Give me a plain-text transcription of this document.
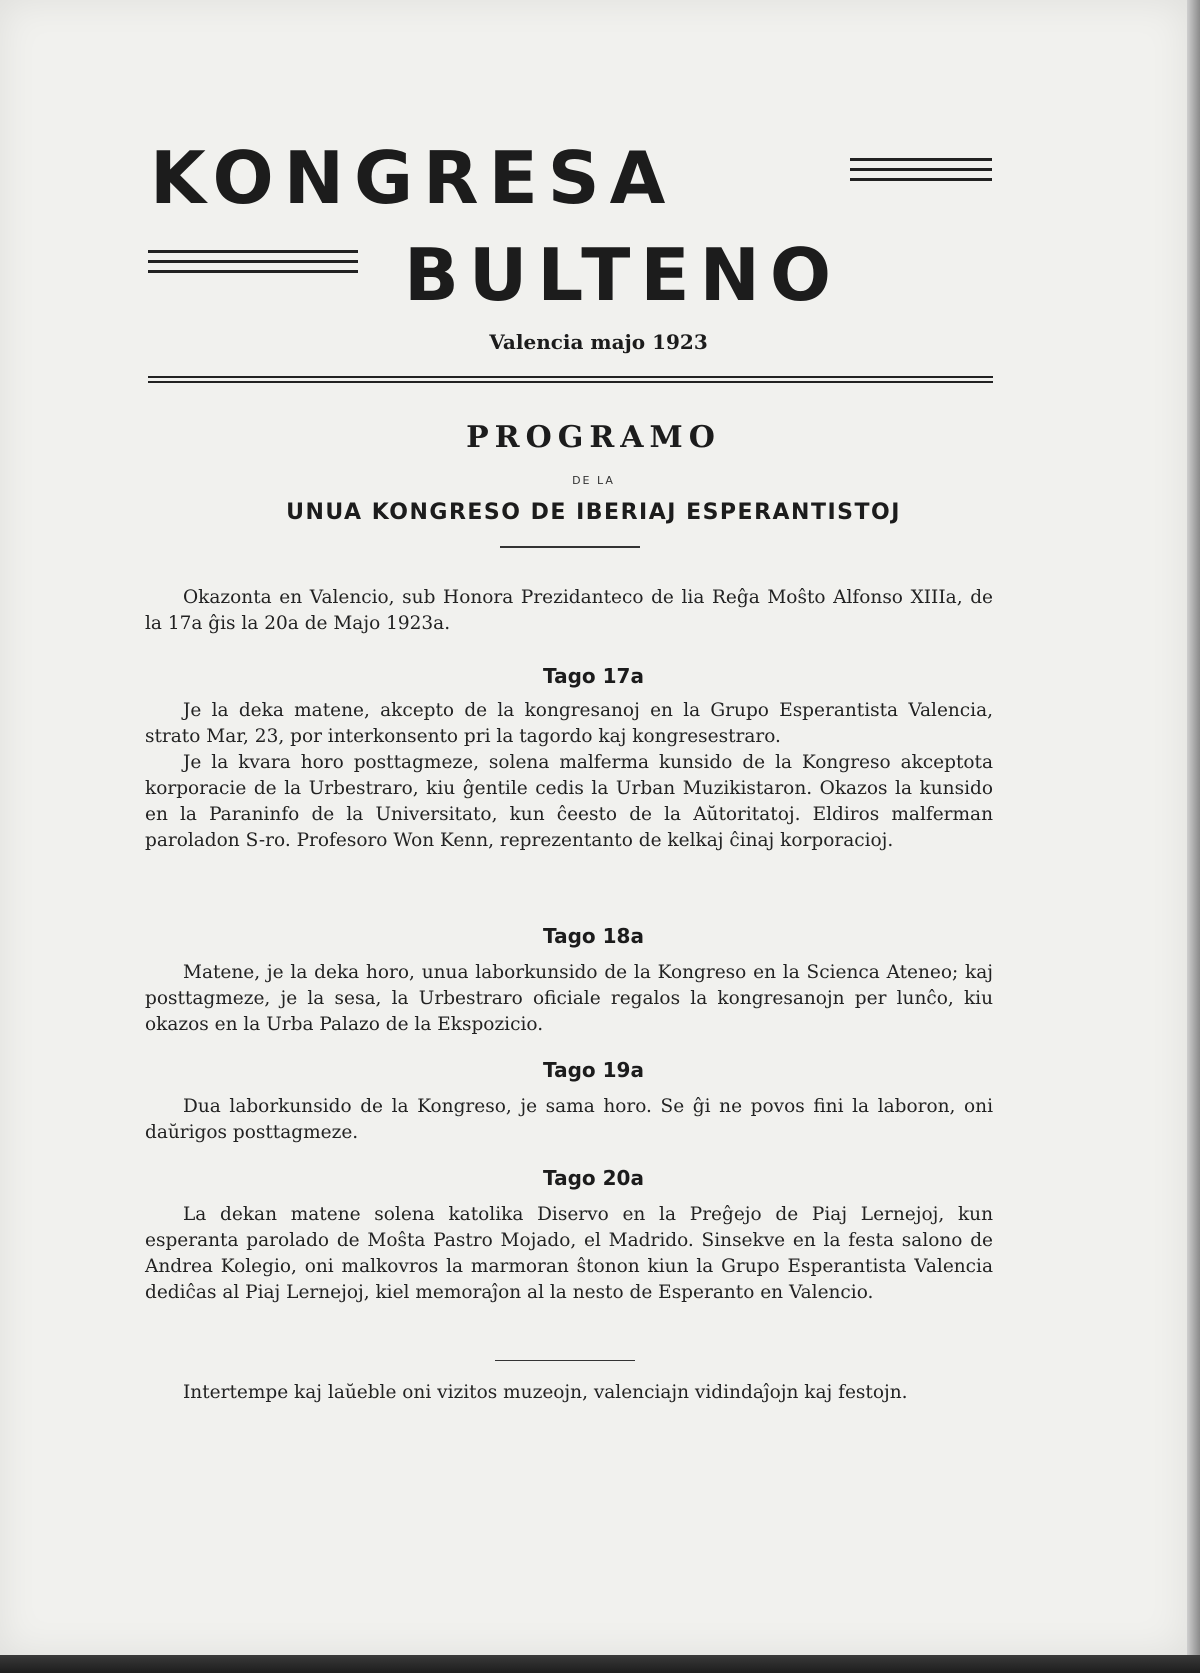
KONGRESA
BULTENO
Valencia majo 1923
PROGRAMO
DE LA
UNUA KONGRESO DE IBERIAJ ESPERANTISTOJ

Okazonta en Valencio, sub Honora Prezidanteco de lia Reĝa Moŝto Alfonso XIIIa, de la 17a ĝis la 20a de Majo 1923a.

Tago 17a

Je la deka matene, akcepto de la kongresanoj en la Grupo Esperantista Valencia, strato Mar, 23, por interkonsento pri la tagordo kaj kongresestraro.

Je la kvara horo posttagmeze, solena malferma kunsido de la Kongreso akceptota korporacie de la Urbestraro, kiu ĝentile cedis la Urban Muzikistaron. Okazos la kunsido en la Paraninfo de la Universitato, kun ĉeesto de la Aŭtoritatoj. Eldiros malferman paroladon S-ro. Profesoro Won Kenn, reprezentanto de kelkaj ĉinaj korporacioj.

Tago 18a

Matene, je la deka horo, unua laborkunsido de la Kongreso en la Scienca Ateneo; kaj posttagmeze, je la sesa, la Urbestraro oficiale regalos la kongresanojn per lunĉo, kiu okazos en la Urba Palazo de la Ekspozicio.

Tago 19a

Dua laborkunsido de la Kongreso, je sama horo. Se ĝi ne povos fini la laboron, oni daŭrigos posttagmeze.

Tago 20a

La dekan matene solena katolika Diservo en la Preĝejo de Piaj Lernejoj, kun esperanta parolado de Moŝta Pastro Mojado, el Madrido. Sinsekve en la festa salono de Andrea Kolegio, oni malkovros la marmoran ŝtonon kiun la Grupo Esperantista Valencia dediĉas al Piaj Lernejoj, kiel memoraĵon al la nesto de Esperanto en Valencio.

Intertempe kaj laŭeble oni vizitos muzeojn, valenciajn vidindaĵojn kaj festojn.
